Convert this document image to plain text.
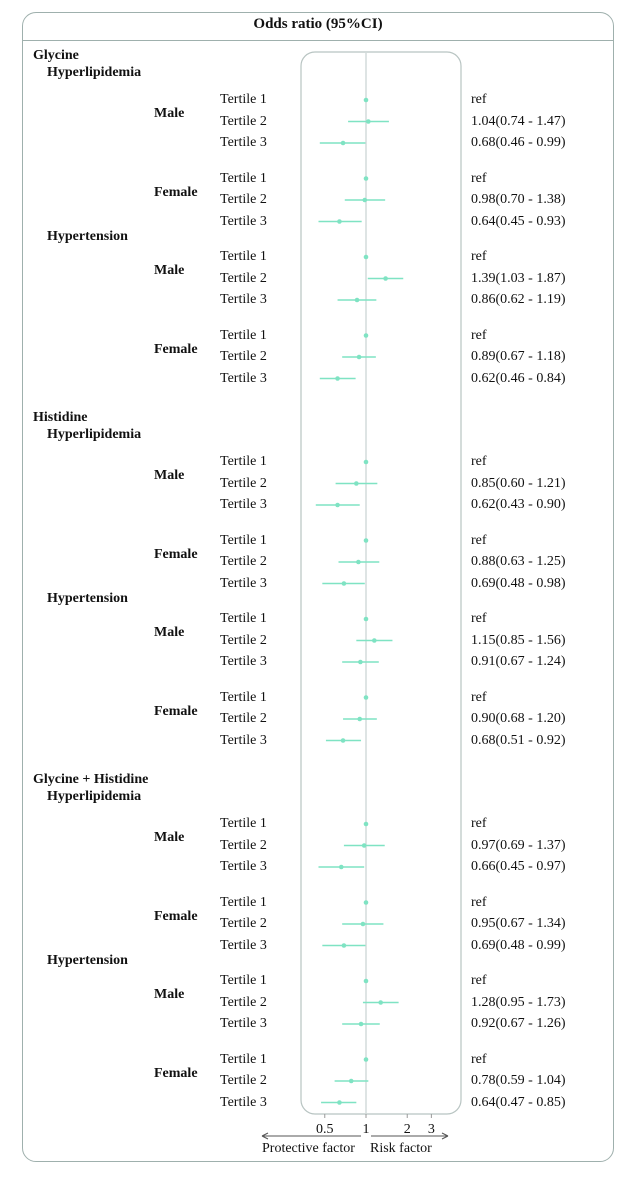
Odds ratio (95%CI)
Glycine
Hyperlipidemia
Male
Tertile 1	ref
Tertile 2	1.04(0.74 - 1.47)
Tertile 3	0.68(0.46 - 0.99)
Female
Tertile 1	ref
Tertile 2	0.98(0.70 - 1.38)
Tertile 3	0.64(0.45 - 0.93)
Hypertension
Male
Tertile 1	ref
Tertile 2	1.39(1.03 - 1.87)
Tertile 3	0.86(0.62 - 1.19)
Female
Tertile 1	ref
Tertile 2	0.89(0.67 - 1.18)
Tertile 3	0.62(0.46 - 0.84)
Histidine
Hyperlipidemia
Male
Tertile 1	ref
Tertile 2	0.85(0.60 - 1.21)
Tertile 3	0.62(0.43 - 0.90)
Female
Tertile 1	ref
Tertile 2	0.88(0.63 - 1.25)
Tertile 3	0.69(0.48 - 0.98)
Hypertension
Male
Tertile 1	ref
Tertile 2	1.15(0.85 - 1.56)
Tertile 3	0.91(0.67 - 1.24)
Female
Tertile 1	ref
Tertile 2	0.90(0.68 - 1.20)
Tertile 3	0.68(0.51 - 0.92)
Glycine + Histidine
Hyperlipidemia
Male
Tertile 1	ref
Tertile 2	0.97(0.69 - 1.37)
Tertile 3	0.66(0.45 - 0.97)
Female
Tertile 1	ref
Tertile 2	0.95(0.67 - 1.34)
Tertile 3	0.69(0.48 - 0.99)
Hypertension
Male
Tertile 1	ref
Tertile 2	1.28(0.95 - 1.73)
Tertile 3	0.92(0.67 - 1.26)
Female
Tertile 1	ref
Tertile 2	0.78(0.59 - 1.04)
Tertile 3	0.64(0.47 - 0.85)
0.5	1	2	3
Protective factor Risk factor
